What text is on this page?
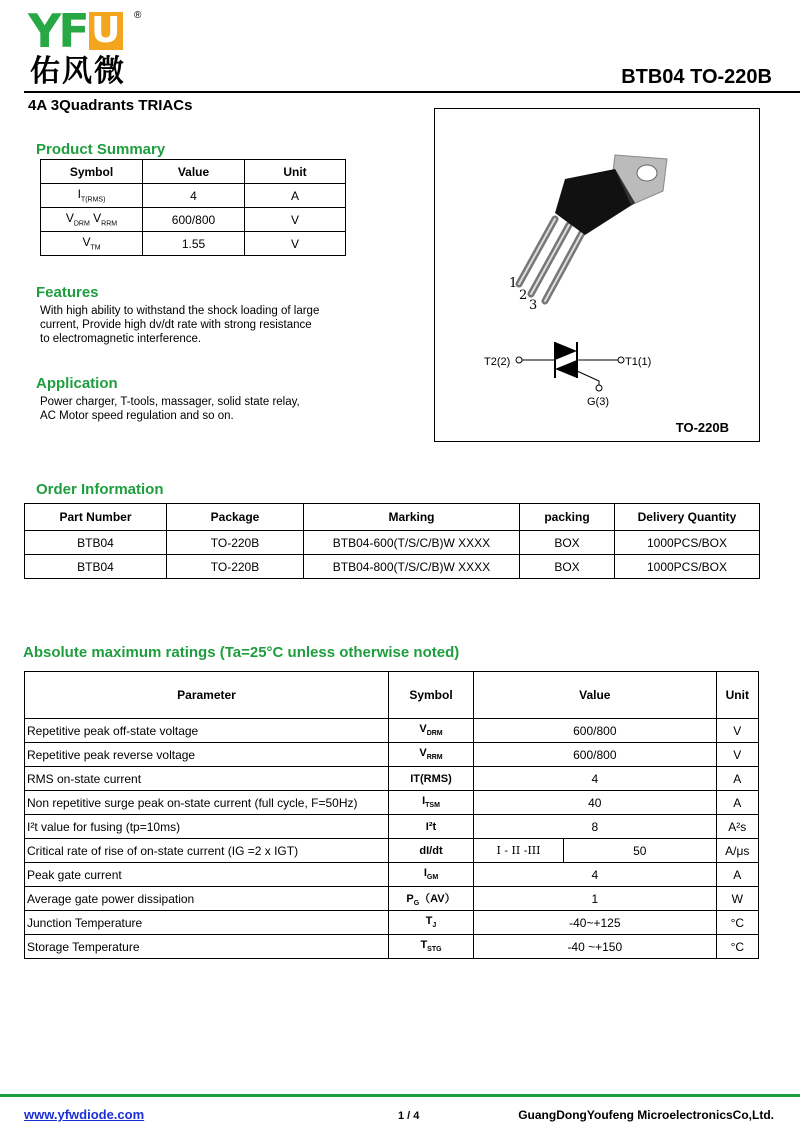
YF U ®
佑风微	BTB04 TO-220B
4A 3Quadrants TRIACs
Product Summary
Symbol	Value	Unit
$I_{T(RMS)}$	4	A
$V_{DRM}$ $V_{RRM}$	600/800	V
$V_{TM}$	1.55	V
Features
With high ability to withstand the shock loading of large current, Provide high dv/dt rate with strong resistance to electromagnetic interference.
Application
Power charger, T-tools, massager, solid state relay, AC Motor speed regulation and so on.
1
2
3
T2(2)	T1(1)
G(3)
TO-220B
Order Information
Part Number	Package	Marking	packing	Delivery Quantity
BTB04	TO-220B	BTB04-600(T/S/C/B)W XXXX	BOX	1000PCS/BOX
BTB04	TO-220B	BTB04-800(T/S/C/B)W XXXX	BOX	1000PCS/BOX
Absolute maximum ratings (Ta=25°C unless otherwise noted)
Parameter	Symbol	Value		Unit
Repetitive peak off-state voltage	$V_{DRM}$	600/800		V
Repetitive peak reverse voltage	$V_{RRM}$	600/800		V
RMS on-state current	IT(RMS)	4		A
Non repetitive surge peak on-state current (full cycle, F=50Hz)	$I_{TSM}$	40		A
I²t value for fusing (tp=10ms)	I²t	8		A²s
Critical rate of rise of on-state current (IG =2 x IGT)	dI/dt	I - II -III	50	A/μs
Peak gate current	$I_{GM}$	4		A
Average gate power dissipation	$P_G(AV)$	1		W
Junction Temperature	$T_J$	-40~+125		°C
Storage Temperature	$T_{STG}$	-40 ~+150		°C
www.yfwdiode.com	1 / 4	GuangDongYoufeng MicroelectronicsCo,Ltd.
